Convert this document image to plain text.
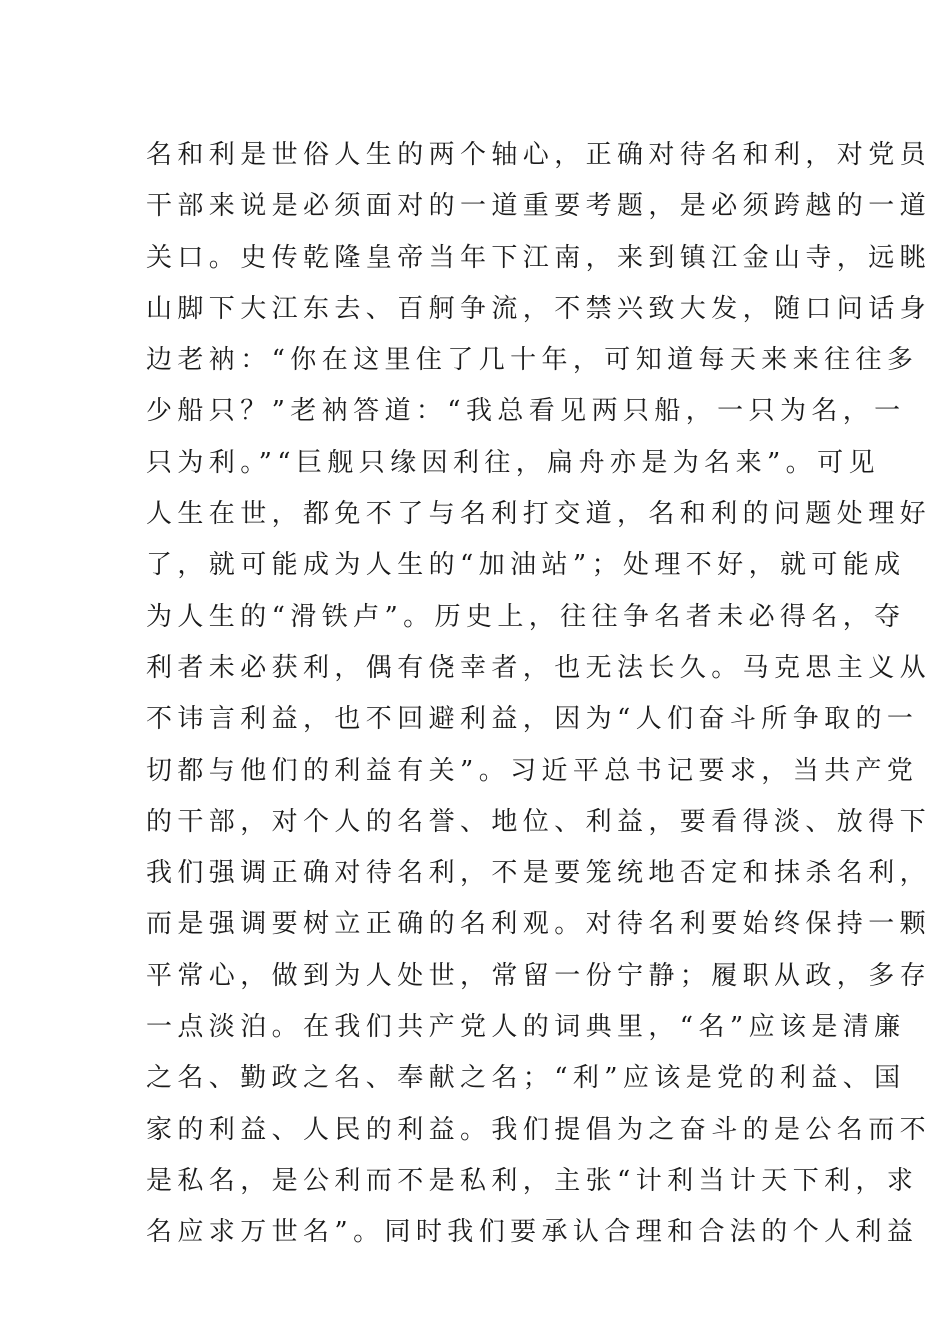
名和利是世俗人生的两个轴心，正确对待名和利，对党员
干部来说是必须面对的一道重要考题，是必须跨越的一道
关口。史传乾隆皇帝当年下江南，来到镇江金山寺，远眺
山脚下大江东去、百舸争流，不禁兴致大发，随口问话身
边老衲：“你在这里住了几十年，可知道每天来来往往多
少船只？”老衲答道：“我总看见两只船，一只为名，一
只为利。”“巨舰只缘因利往，扁舟亦是为名来”。可见
人生在世，都免不了与名利打交道，名和利的问题处理好
了，就可能成为人生的“加油站”；处理不好，就可能成
为人生的“滑铁卢”。历史上，往往争名者未必得名，夺
利者未必获利，偶有侥幸者，也无法长久。马克思主义从
不讳言利益，也不回避利益，因为“人们奋斗所争取的一
切都与他们的利益有关”。习近平总书记要求，当共产党
的干部，对个人的名誉、地位、利益，要看得淡、放得下
我们强调正确对待名利，不是要笼统地否定和抹杀名利，
而是强调要树立正确的名利观。对待名利要始终保持一颗
平常心，做到为人处世，常留一份宁静；履职从政，多存
一点淡泊。在我们共产党人的词典里，“名”应该是清廉
之名、勤政之名、奉献之名；“利”应该是党的利益、国
家的利益、人民的利益。我们提倡为之奋斗的是公名而不
是私名，是公利而不是私利，主张“计利当计天下利，求
名应求万世名”。同时我们要承认合理和合法的个人利益
